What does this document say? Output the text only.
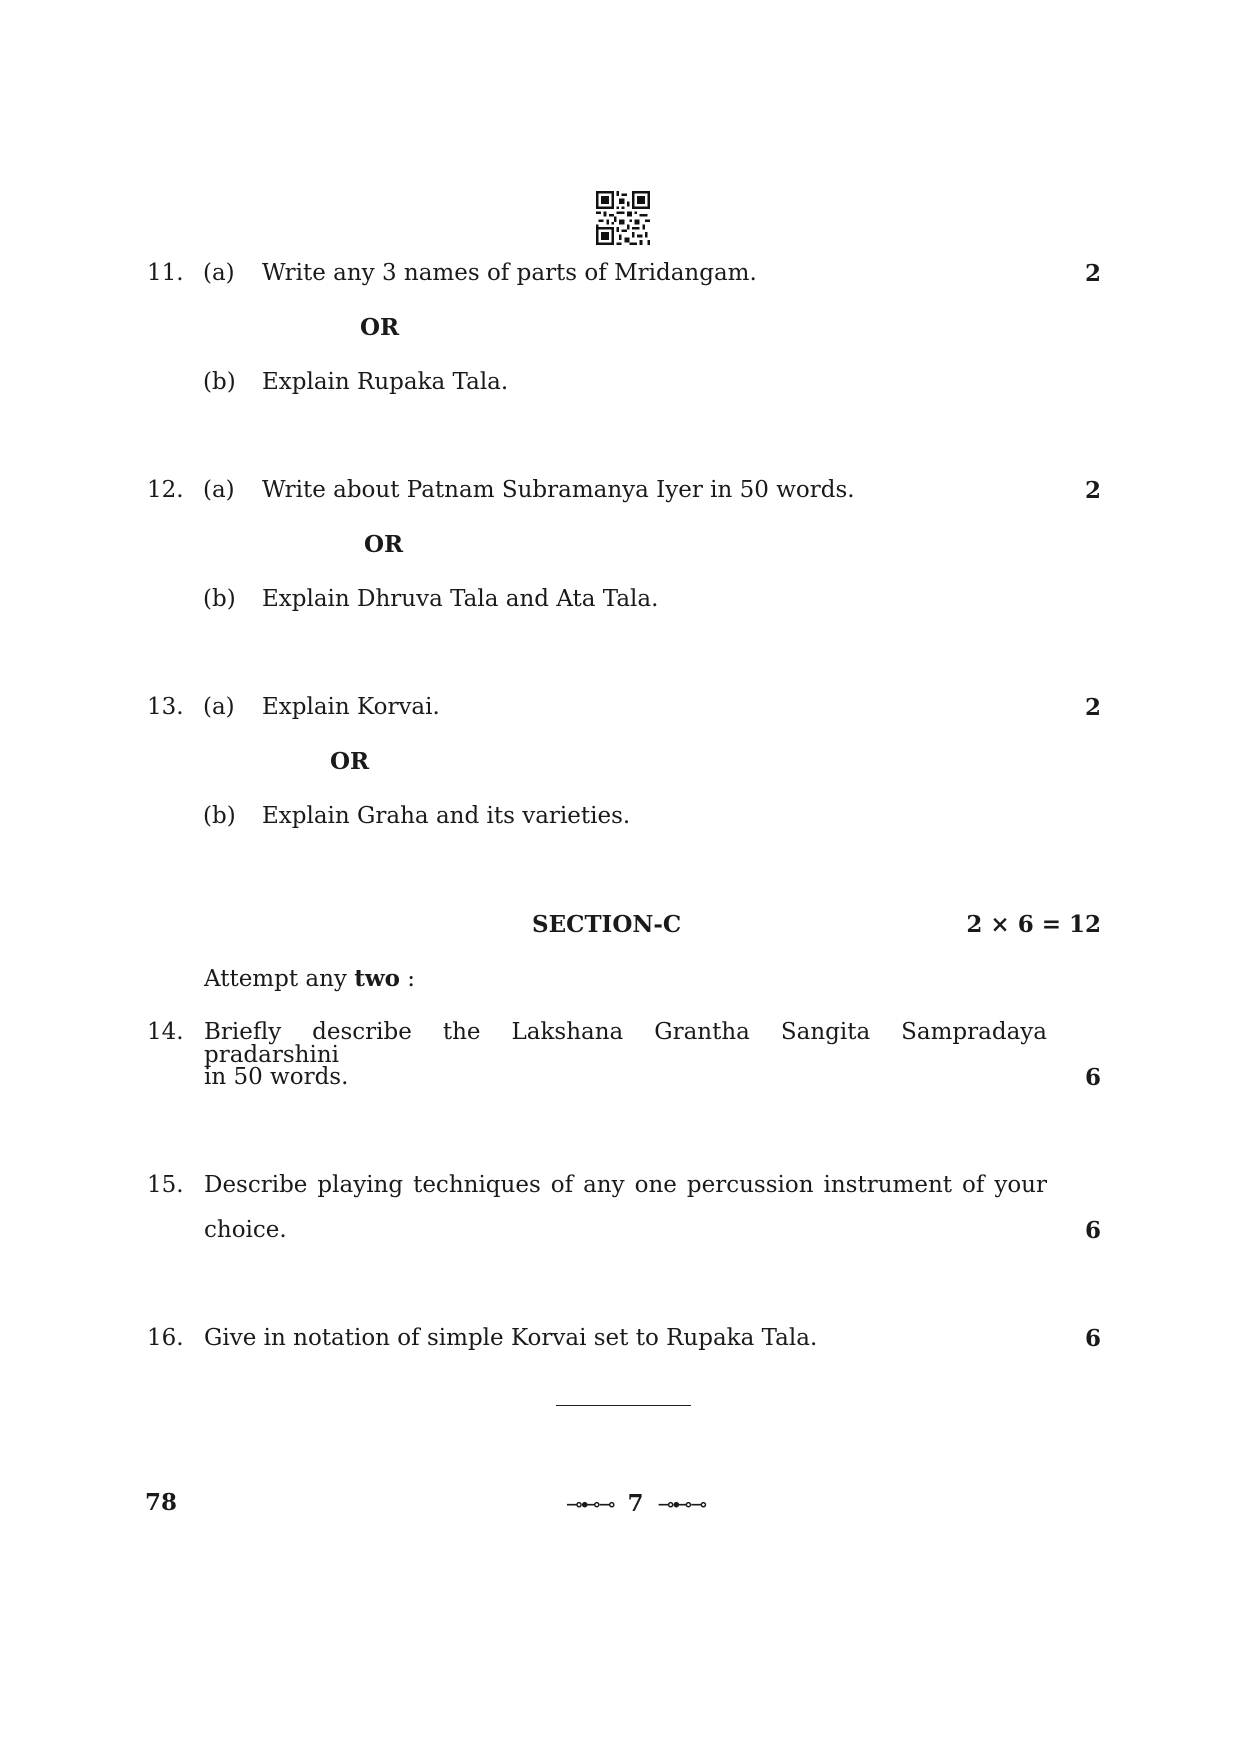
11. (a) Write any 3 names of parts of Mridangam.	2
OR
(b) Explain Rupaka Tala.
12. (a) Write about Patnam Subramanya Iyer in 50 words.	2
OR
(b) Explain Dhruva Tala and Ata Tala.
13. (a) Explain Korvai.	2
OR
(b) Explain Graha and its varieties.
SECTION-C	2 × 6 = 12
Attempt any two :
14. Briefly describe the Lakshana Grantha Sangita Sampradaya pradarshini
in 50 words.	6
15. Describe playing techniques of any one percussion instrument of your
choice.	6
16. Give in notation of simple Korvai set to Rupaka Tala.	6
78	⊸⊷⊸ 7 ⊸⊷⊸
